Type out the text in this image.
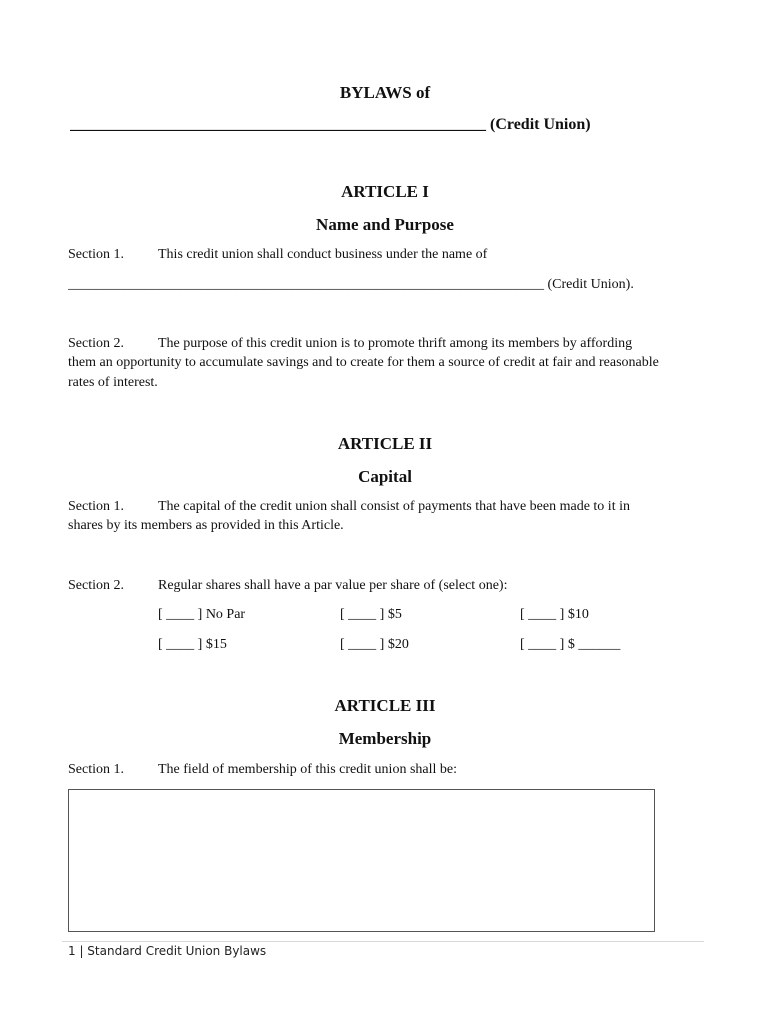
BYLAWS of
____________________________________________________ (Credit Union)
ARTICLE I
Name and Purpose
Section 1. This credit union shall conduct business under the name of
____________________________________________________________________ (Credit Union).
Section 2. The purpose of this credit union is to promote thrift among its members by affording
them an opportunity to accumulate savings and to create for them a source of credit at fair and reasonable rates of interest.
ARTICLE II
Capital
Section 1. The capital of the credit union shall consist of payments that have been made to it in
shares by its members as provided in this Article.
Section 2. Regular shares shall have a par value per share of (select one):
[ ____ ] No Par	[ ____ ] $5	[ ____ ] $10
[ ____ ] $15	[ ____ ] $20	[ ____ ] $ ______
ARTICLE III
Membership
Section 1. The field of membership of this credit union shall be:
1 | Standard Credit Union Bylaws
